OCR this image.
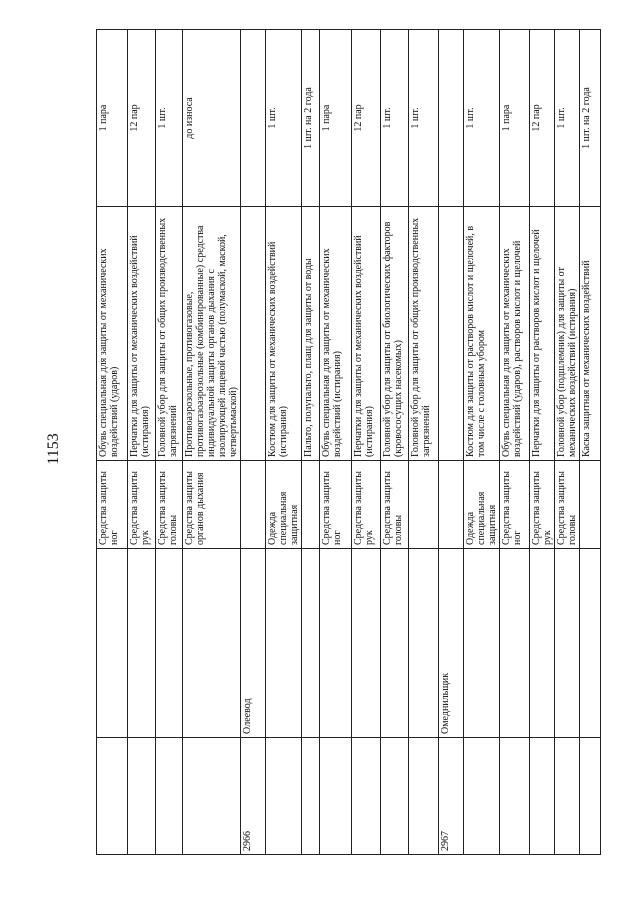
1153
		Средства защиты ног	Обувь специальная для защиты от механических воздействий (ударов)	1 пара
		Средства защиты рук	Перчатки для защиты от механических воздействий (истирания)	12 пар
		Средства защиты головы	Головной убор для защиты от общих производственных загрязнений	1 шт.
		Средства защиты органов дыхания	Противоаэрозольные, противогазовые, противогазоаэрозольные (комбинированные) средства индивидуальной защиты органов дыхания с изолирующей лицевой частью (полумаской, маской, четвертьмаской)	до износа
2966	Олеевод			
		Одежда специальная защитная	Костюм для защиты от механических воздействий (истирания)	1 шт.
			Пальто, полупальто, плащ для защиты от воды	1 шт. на 2 года
		Средства защиты ног	Обувь специальная для защиты от механических воздействий (истирания)	1 пара
		Средства защиты рук	Перчатки для защиты от механических воздействий (истирания)	12 пар
		Средства защиты головы	Головной убор для защиты от биологических факторов (кровососущих насекомых)	1 шт.
			Головной убор для защиты от общих производственных загрязнений	1 шт.
2967	Омеднильщик			
		Одежда специальная защитная	Костюм для защиты от растворов кислот и щелочей, в том числе с головным убором	1 шт.
		Средства защиты ног	Обувь специальная для защиты от механических воздействий (ударов), растворов кислот и щелочей	1 пара
		Средства защиты рук	Перчатки для защиты от растворов кислот и щелочей	12 пар
		Средства защиты головы	Головной убор (подшлемник) для защиты от механических воздействий (истирания)	1 шт.
			Каска защитная от механических воздействий	1 шт. на 2 года
